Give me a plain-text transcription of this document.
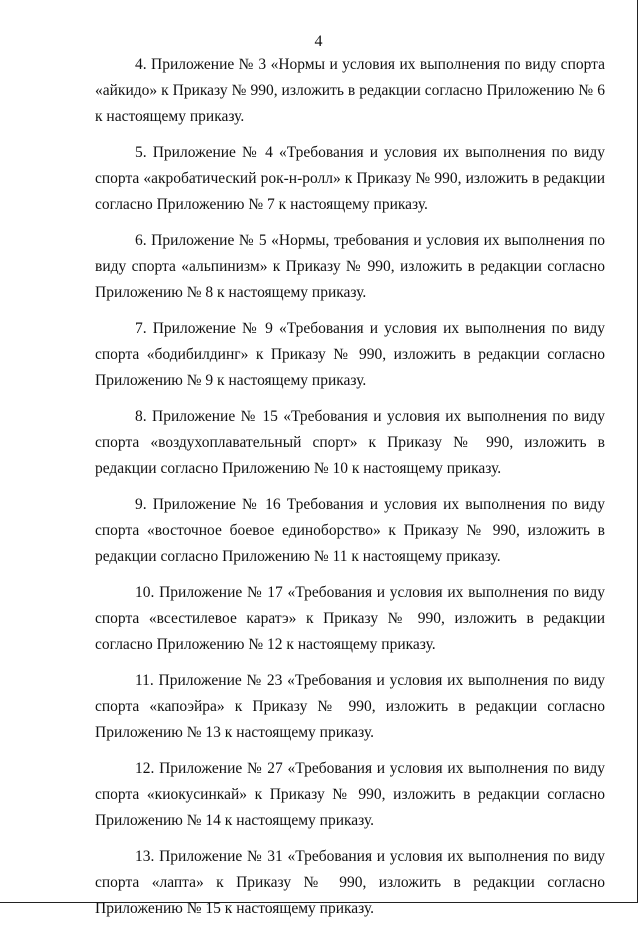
4

4. Приложение № 3 «Нормы и условия их выполнения по виду спорта «айкидо» к Приказу № 990, изложить в редакции согласно Приложению № 6 к настоящему приказу.

5. Приложение № 4 «Требования и условия их выполнения по виду спорта «акробатический рок-н-ролл» к Приказу № 990, изложить в редакции согласно Приложению № 7 к настоящему приказу.

6. Приложение № 5 «Нормы, требования и условия их выполнения по виду спорта «альпинизм» к Приказу № 990, изложить в редакции согласно Приложению № 8 к настоящему приказу.

7. Приложение № 9 «Требования и условия их выполнения по виду спорта «бодибилдинг» к Приказу № 990, изложить в редакции согласно Приложению № 9 к настоящему приказу.

8. Приложение № 15 «Требования и условия их выполнения по виду спорта «воздухоплавательный спорт» к Приказу № 990, изложить в редакции согласно Приложению № 10 к настоящему приказу.

9. Приложение № 16 Требования и условия их выполнения по виду спорта «восточное боевое единоборство» к Приказу № 990, изложить в редакции согласно Приложению № 11 к настоящему приказу.

10. Приложение № 17 «Требования и условия их выполнения по виду спорта «всестилевое каратэ» к Приказу № 990, изложить в редакции согласно Приложению № 12 к настоящему приказу.

11. Приложение № 23 «Требования и условия их выполнения по виду спорта «капоэйра» к Приказу № 990, изложить в редакции согласно Приложению № 13 к настоящему приказу.

12. Приложение № 27 «Требования и условия их выполнения по виду спорта «киокусинкай» к Приказу № 990, изложить в редакции согласно Приложению № 14 к настоящему приказу.

13. Приложение № 31 «Требования и условия их выполнения по виду спорта «лапта» к Приказу № 990, изложить в редакции согласно Приложению № 15 к настоящему приказу.
